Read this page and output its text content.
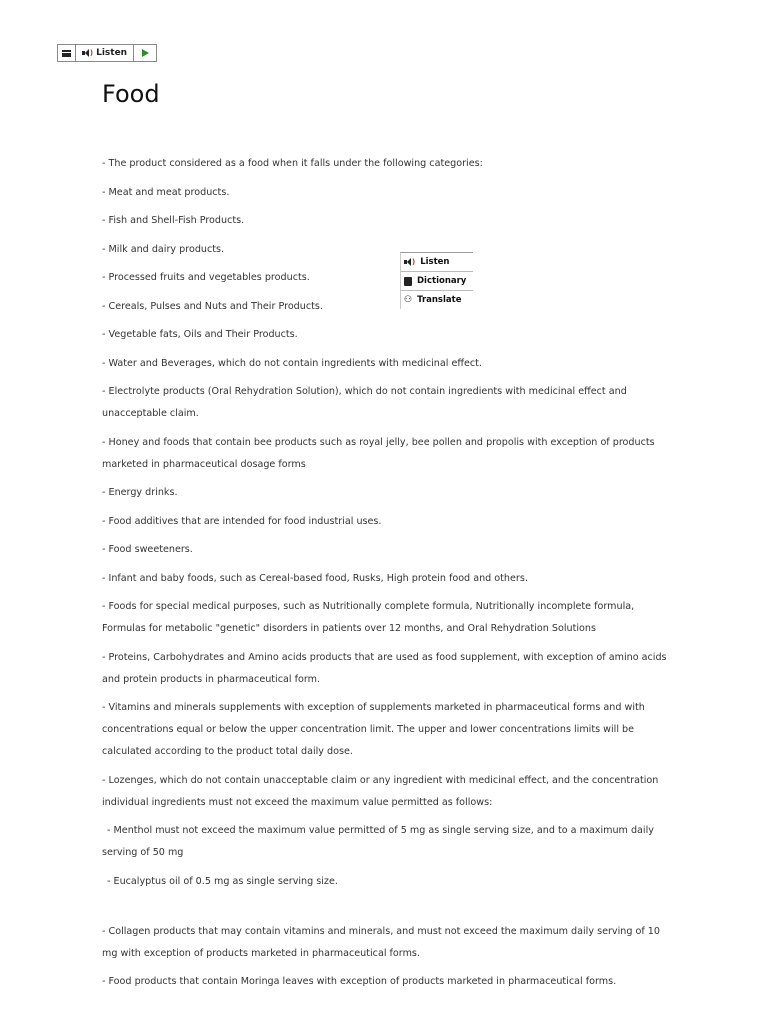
) Listen
Food

- The product considered as a food when it falls under the following categories:

- Meat and meat products.

- Fish and Shell-Fish Products.

- Milk and dairy products.

- Processed fruits and vegetables products.

- Cereals, Pulses and Nuts and Their Products.

- Vegetable fats, Oils and Their Products.

- Water and Beverages, which do not contain ingredients with medicinal effect.

- Electrolyte products (Oral Rehydration Solution), which do not contain ingredients with medicinal effect and unacceptable claim.

- Honey and foods that contain bee products such as royal jelly, bee pollen and propolis with exception of products marketed in pharmaceutical dosage forms

- Energy drinks.

- Food additives that are intended for food industrial uses.

- Food sweeteners.

- Infant and baby foods, such as Cereal-based food, Rusks, High protein food and others.

- Foods for special medical purposes, such as Nutritionally complete formula, Nutritionally incomplete formula, Formulas for metabolic "genetic" disorders in patients over 12 months, and Oral Rehydration Solutions

- Proteins, Carbohydrates and Amino acids products that are used as food supplement, with exception of amino acids and protein products in pharmaceutical form.

- Vitamins and minerals supplements with exception of supplements marketed in pharmaceutical forms and with concentrations equal or below the upper concentration limit. The upper and lower concentrations limits will be calculated according to the product total daily dose.

- Lozenges, which do not contain unacceptable claim or any ingredient with medicinal effect, and the concentration individual ingredients must not exceed the maximum value permitted as follows:

- Menthol must not exceed the maximum value permitted of 5 mg as single serving size, and to a maximum daily serving of 50 mg

- Eucalyptus oil of 0.5 mg as single serving size.

- Collagen products that may contain vitamins and minerals, and must not exceed the maximum daily serving of 10 mg with exception of products marketed in pharmaceutical forms.

- Food products that contain Moringa leaves with exception of products marketed in pharmaceutical forms.

) Listen
Dictionary
⚇ Translate
